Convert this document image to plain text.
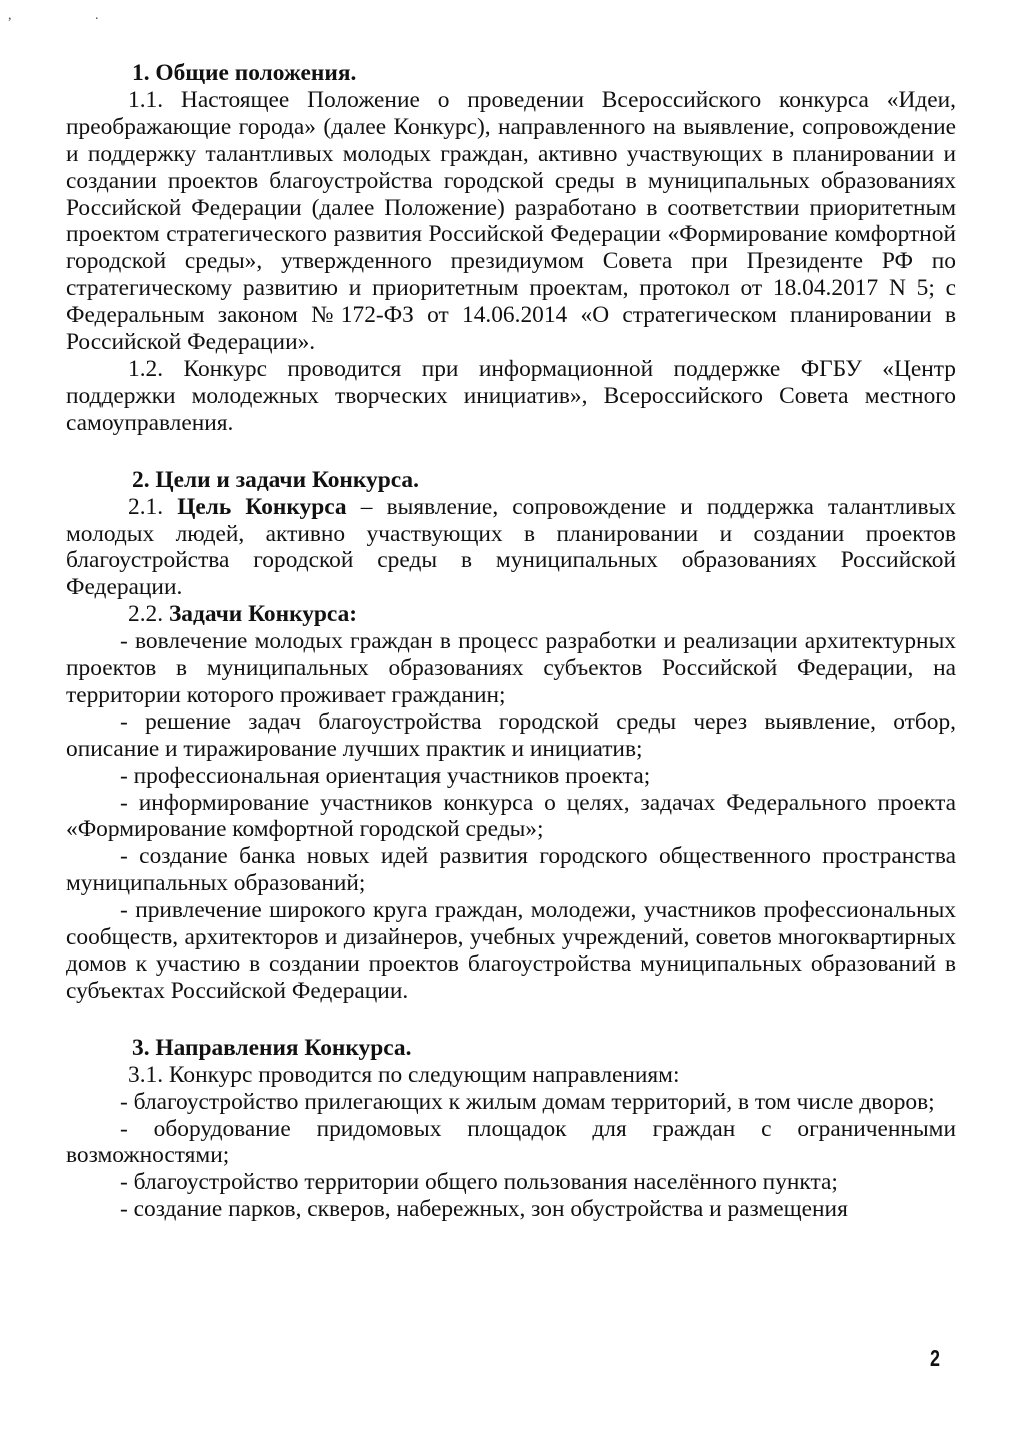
, .

1. Общие положения.

1.1. Настоящее Положение о проведении Всероссийского конкурса «Идеи, преображающие города» (далее Конкурс), направленного на выявление, сопровождение и поддержку талантливых молодых граждан, активно участвующих в планировании и создании проектов благоустройства городской среды в муниципальных образованиях Российской Федерации (далее Положение) разработано в соответствии приоритетным проектом стратегического развития Российской Федерации «Формирование комфортной городской среды», утвержденного президиумом Совета при Президенте РФ по стратегическому развитию и приоритетным проектам, протокол от 18.04.2017 N 5; с Федеральным законом №172-ФЗ от 14.06.2014 «О стратегическом планировании в Российской Федерации».

1.2. Конкурс проводится при информационной поддержке ФГБУ «Центр поддержки молодежных творческих инициатив», Всероссийского Совета местного самоуправления.

2. Цели и задачи Конкурса.

2.1. Цель Конкурса – выявление, сопровождение и поддержка талантливых молодых людей, активно участвующих в планировании и создании проектов благоустройства городской среды в муниципальных образованиях Российской Федерации.

2.2. Задачи Конкурса:

- вовлечение молодых граждан в процесс разработки и реализации архитектурных проектов в муниципальных образованиях субъектов Российской Федерации, на территории которого проживает гражданин;

- решение задач благоустройства городской среды через выявление, отбор, описание и тиражирование лучших практик и инициатив;

- профессиональная ориентация участников проекта;

- информирование участников конкурса о целях, задачах Федерального проекта «Формирование комфортной городской среды»;

- создание банка новых идей развития городского общественного пространства муниципальных образований;

- привлечение широкого круга граждан, молодежи, участников профессиональных сообществ, архитекторов и дизайнеров, учебных учреждений, советов многоквартирных домов к участию в создании проектов благоустройства муниципальных образований в субъектах Российской Федерации.

3. Направления Конкурса.

3.1. Конкурс проводится по следующим направлениям:

- благоустройство прилегающих к жилым домам территорий, в том числе дворов;

- оборудование придомовых площадок для граждан с ограниченными возможностями;

- благоустройство территории общего пользования населённого пункта;

- создание парков, скверов, набережных, зон обустройства и размещения

2
